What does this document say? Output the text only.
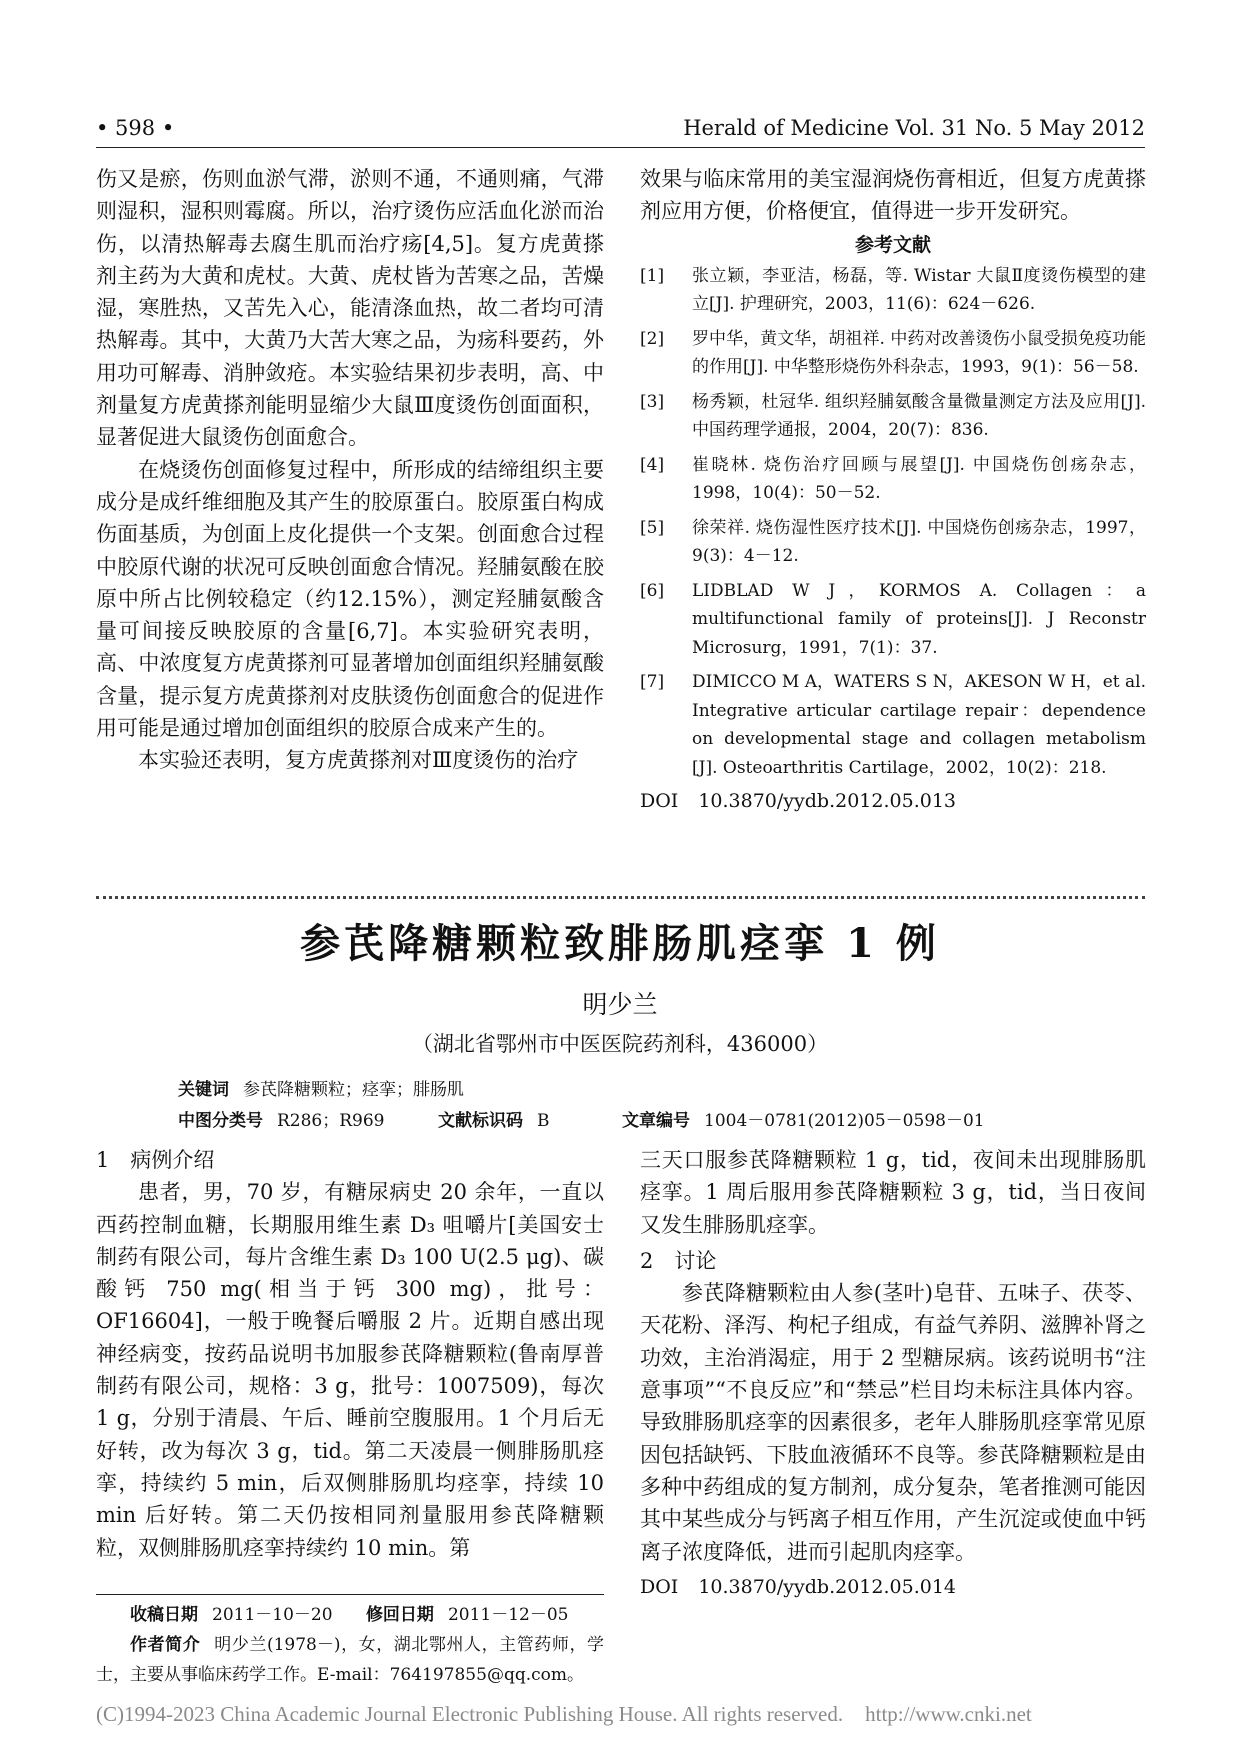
• 598 •	Herald of Medicine Vol. 31 No. 5 May 2012

伤又是瘀，伤则血淤气滞，淤则不通，不通则痛，气滞则湿积，湿积则霉腐。所以，治疗烫伤应活血化淤而治伤，以清热解毒去腐生肌而治疗疡[4,5]。复方虎黄搽剂主药为大黄和虎杖。大黄、虎杖皆为苦寒之品，苦燥湿，寒胜热，又苦先入心，能清涤血热，故二者均可清热解毒。其中，大黄乃大苦大寒之品，为疡科要药，外用功可解毒、消肿敛疮。本实验结果初步表明，高、中剂量复方虎黄搽剂能明显缩少大鼠Ⅲ度烫伤创面面积，显著促进大鼠烫伤创面愈合。

在烧烫伤创面修复过程中，所形成的结缔组织主要成分是成纤维细胞及其产生的胶原蛋白。胶原蛋白构成伤面基质，为创面上皮化提供一个支架。创面愈合过程中胶原代谢的状况可反映创面愈合情况。羟脯氨酸在胶原中所占比例较稳定（约12.15%），测定羟脯氨酸含量可间接反映胶原的含量[6,7]。本实验研究表明，高、中浓度复方虎黄搽剂可显著增加创面组织羟脯氨酸含量，提示复方虎黄搽剂对皮肤烫伤创面愈合的促进作用可能是通过增加创面组织的胶原合成来产生的。

本实验还表明，复方虎黄搽剂对Ⅲ度烫伤的治疗

效果与临床常用的美宝湿润烧伤膏相近，但复方虎黄搽剂应用方便，价格便宜，值得进一步开发研究。
参考文献
[1] 张立颖，李亚洁，杨磊，等. Wistar 大鼠Ⅱ度烫伤模型的建立[J]. 护理研究，2003，11(6)：624－626.
[2] 罗中华，黄文华，胡祖祥. 中药对改善烫伤小鼠受损免疫功能的作用[J]. 中华整形烧伤外科杂志，1993，9(1)：56－58.
[3] 杨秀颖，杜冠华. 组织羟脯氨酸含量微量测定方法及应用[J]. 中国药理学通报，2004，20(7)：836.
[4] 崔晓林. 烧伤治疗回顾与展望[J]. 中国烧伤创疡杂志，1998，10(4)：50－52.
[5] 徐荣祥. 烧伤湿性医疗技术[J]. 中国烧伤创疡杂志，1997，9(3)：4－12.
[6] LIDBLAD W J，KORMOS A. Collagen：a multifunctional family of proteins[J]. J Reconstr Microsurg，1991，7(1)：37.
[7] DIMICCO M A，WATERS S N，AKESON W H，et al. Integrative articular cartilage repair：dependence on developmental stage and collagen metabolism [J]. Osteoarthritis Cartilage，2002，10(2)：218.
DOI 10.3870/yydb.2012.05.013
参芪降糖颗粒致腓肠肌痉挛 1 例
明少兰
（湖北省鄂州市中医医院药剂科，436000）
关键词 参芪降糖颗粒；痉挛；腓肠肌
中图分类号 R286；R969	文献标识码 B	文章编号 1004－0781(2012)05－0598－01
1　病例介绍
患者，男，70 岁，有糖尿病史 20 余年，一直以西药控制血糖，长期服用维生素 D₃ 咀嚼片[美国安士制药有限公司，每片含维生素 D₃ 100 U(2.5 μg)、碳酸钙 750 mg(相当于钙 300 mg)，批号：OF16604]，一般于晚餐后嚼服 2 片。近期自感出现神经病变，按药品说明书加服参芪降糖颗粒(鲁南厚普制药有限公司，规格：3 g，批号：1007509)，每次 1 g，分别于清晨、午后、睡前空腹服用。1 个月后无好转，改为每次 3 g，tid。第二天凌晨一侧腓肠肌痉挛，持续约 5 min，后双侧腓肠肌均痉挛，持续 10 min 后好转。第二天仍按相同剂量服用参芪降糖颗粒，双侧腓肠肌痉挛持续约 10 min。第
三天口服参芪降糖颗粒 1 g，tid，夜间未出现腓肠肌痉挛。1 周后服用参芪降糖颗粒 3 g，tid，当日夜间又发生腓肠肌痉挛。
2　讨论
参芪降糖颗粒由人参(茎叶)皂苷、五味子、茯苓、天花粉、泽泻、枸杞子组成，有益气养阴、滋脾补肾之功效，主治消渴症，用于 2 型糖尿病。该药说明书“注意事项”“不良反应”和“禁忌”栏目均未标注具体内容。导致腓肠肌痉挛的因素很多，老年人腓肠肌痉挛常见原因包括缺钙、下肢血液循环不良等。参芪降糖颗粒是由多种中药组成的复方制剂，成分复杂，笔者推测可能因其中某些成分与钙离子相互作用，产生沉淀或使血中钙离子浓度降低，进而引起肌肉痉挛。
DOI 10.3870/yydb.2012.05.014
收稿日期 2011－10－20 修回日期 2011－12－05
作者简介 明少兰(1978－)，女，湖北鄂州人，主管药师，学士，主要从事临床药学工作。E-mail：764197855@qq.com。
(C)1994-2023 China Academic Journal Electronic Publishing House. All rights reserved. http://www.cnki.net
